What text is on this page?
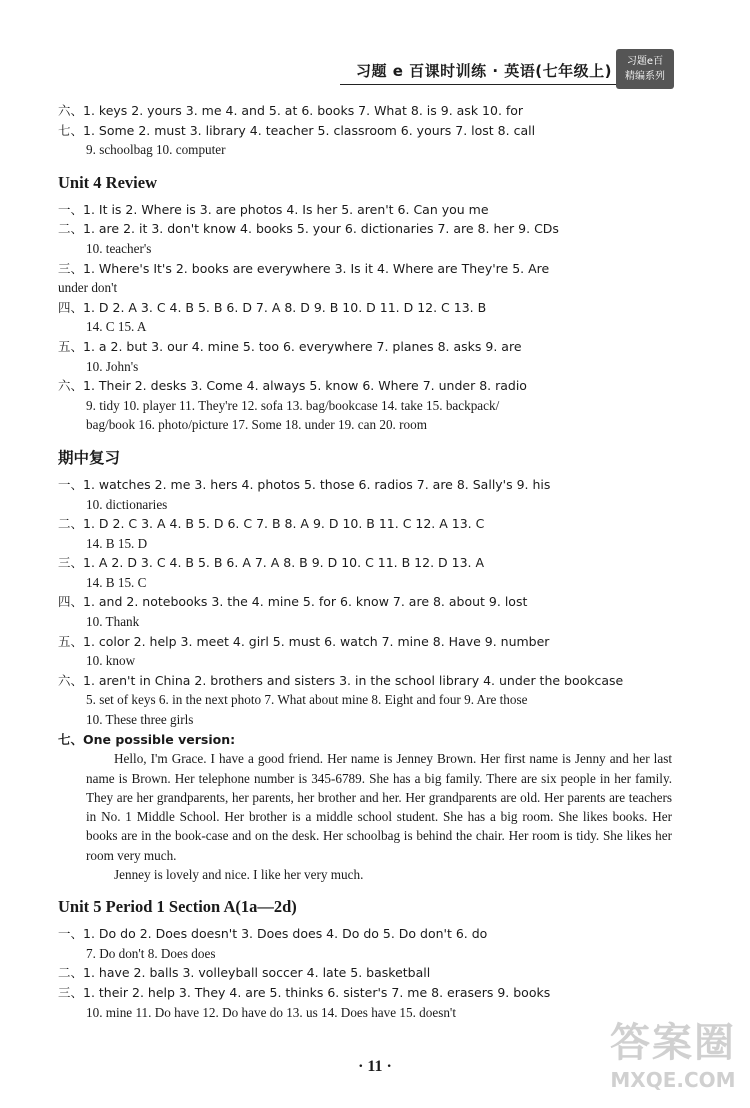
习题 e 百课时训练 · 英语(七年级上)
习题e百
精编系列
六、1. keys 2. yours 3. me 4. and 5. at 6. books 7. What 8. is 9. ask 10. for
七、1. Some 2. must 3. library 4. teacher 5. classroom 6. yours 7. lost 8. call
9. schoolbag 10. computer
Unit 4 Review
一、1. It is 2. Where is 3. are photos 4. Is her 5. aren't 6. Can you me
二、1. are 2. it 3. don't know 4. books 5. your 6. dictionaries 7. are 8. her 9. CDs
10. teacher's
三、1. Where's It's 2. books are everywhere 3. Is it 4. Where are They're 5. Are
under don't
四、1. D 2. A 3. C 4. B 5. B 6. D 7. A 8. D 9. B 10. D 11. D 12. C 13. B
14. C 15. A
五、1. a 2. but 3. our 4. mine 5. too 6. everywhere 7. planes 8. asks 9. are
10. John's
六、1. Their 2. desks 3. Come 4. always 5. know 6. Where 7. under 8. radio
9. tidy 10. player 11. They're 12. sofa 13. bag/bookcase 14. take 15. backpack/
bag/book 16. photo/picture 17. Some 18. under 19. can 20. room
期中复习
一、1. watches 2. me 3. hers 4. photos 5. those 6. radios 7. are 8. Sally's 9. his
10. dictionaries
二、1. D 2. C 3. A 4. B 5. D 6. C 7. B 8. A 9. D 10. B 11. C 12. A 13. C
14. B 15. D
三、1. A 2. D 3. C 4. B 5. B 6. A 7. A 8. B 9. D 10. C 11. B 12. D 13. A
14. B 15. C
四、1. and 2. notebooks 3. the 4. mine 5. for 6. know 7. are 8. about 9. lost
10. Thank
五、1. color 2. help 3. meet 4. girl 5. must 6. watch 7. mine 8. Have 9. number
10. know
六、1. aren't in China 2. brothers and sisters 3. in the school library 4. under the bookcase
5. set of keys 6. in the next photo 7. What about mine 8. Eight and four 9. Are those
10. These three girls
七、One possible version:

Hello, I'm Grace. I have a good friend. Her name is Jenney Brown. Her first name is Jenny and her last name is Brown. Her telephone number is 345-6789. She has a big family. There are six people in her family. They are her grandparents, her parents, her brother and her. Her grandparents are old. Her parents are teachers in No. 1 Middle School. Her brother is a middle school student. She has a big room. She likes books. Her books are in the book-case and on the desk. Her schoolbag is behind the chair. Her room is tidy. She likes her room very much.

Jenney is lovely and nice. I like her very much.

Unit 5 Period 1 Section A(1a—2d)
一、1. Do do 2. Does doesn't 3. Does does 4. Do do 5. Do don't 6. do
7. Do don't 8. Does does
二、1. have 2. balls 3. volleyball soccer 4. late 5. basketball
三、1. their 2. help 3. They 4. are 5. thinks 6. sister's 7. me 8. erasers 9. books
10. mine 11. Do have 12. Do have do 13. us 14. Does have 15. doesn't
· 11 ·
答案圈
MXQE.COM
